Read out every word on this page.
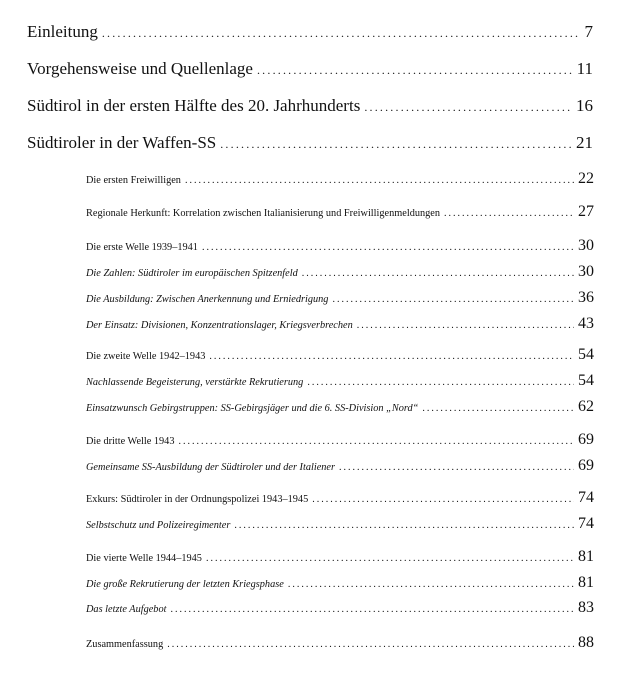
Einleitung .....	7
Vorgehensweise und Quellenlage .....	11
Südtirol in der ersten Hälfte des 20. Jahrhunderts .....	16
Südtiroler in der Waffen-SS .....	21
Die ersten Freiwilligen .....	22
Regionale Herkunft: Korrelation zwischen Italianisierung und Freiwilligenmeldungen .....	27
Die erste Welle 1939–1941 .....	30
Die Zahlen: Südtiroler im europäischen Spitzenfeld .....	30
Die Ausbildung: Zwischen Anerkennung und Erniedrigung .....	36
Der Einsatz: Divisionen, Konzentrationslager, Kriegsverbrechen .....	43
Die zweite Welle 1942–1943 .....	54
Nachlassende Begeisterung, verstärkte Rekrutierung .....	54
Einsatzwunsch Gebirgstruppen: SS-Gebirgsjäger und die 6. SS-Division „Nord“ .....	62
Die dritte Welle 1943 .....	69
Gemeinsame SS-Ausbildung der Südtiroler und der Italiener .....	69
Exkurs: Südtiroler in der Ordnungspolizei 1943–1945 .....	74
Selbstschutz und Polizeiregimenter .....	74
Die vierte Welle 1944–1945 .....	81
Die große Rekrutierung der letzten Kriegsphase .....	81
Das letzte Aufgebot .....	83
Zusammenfassung .....	88
